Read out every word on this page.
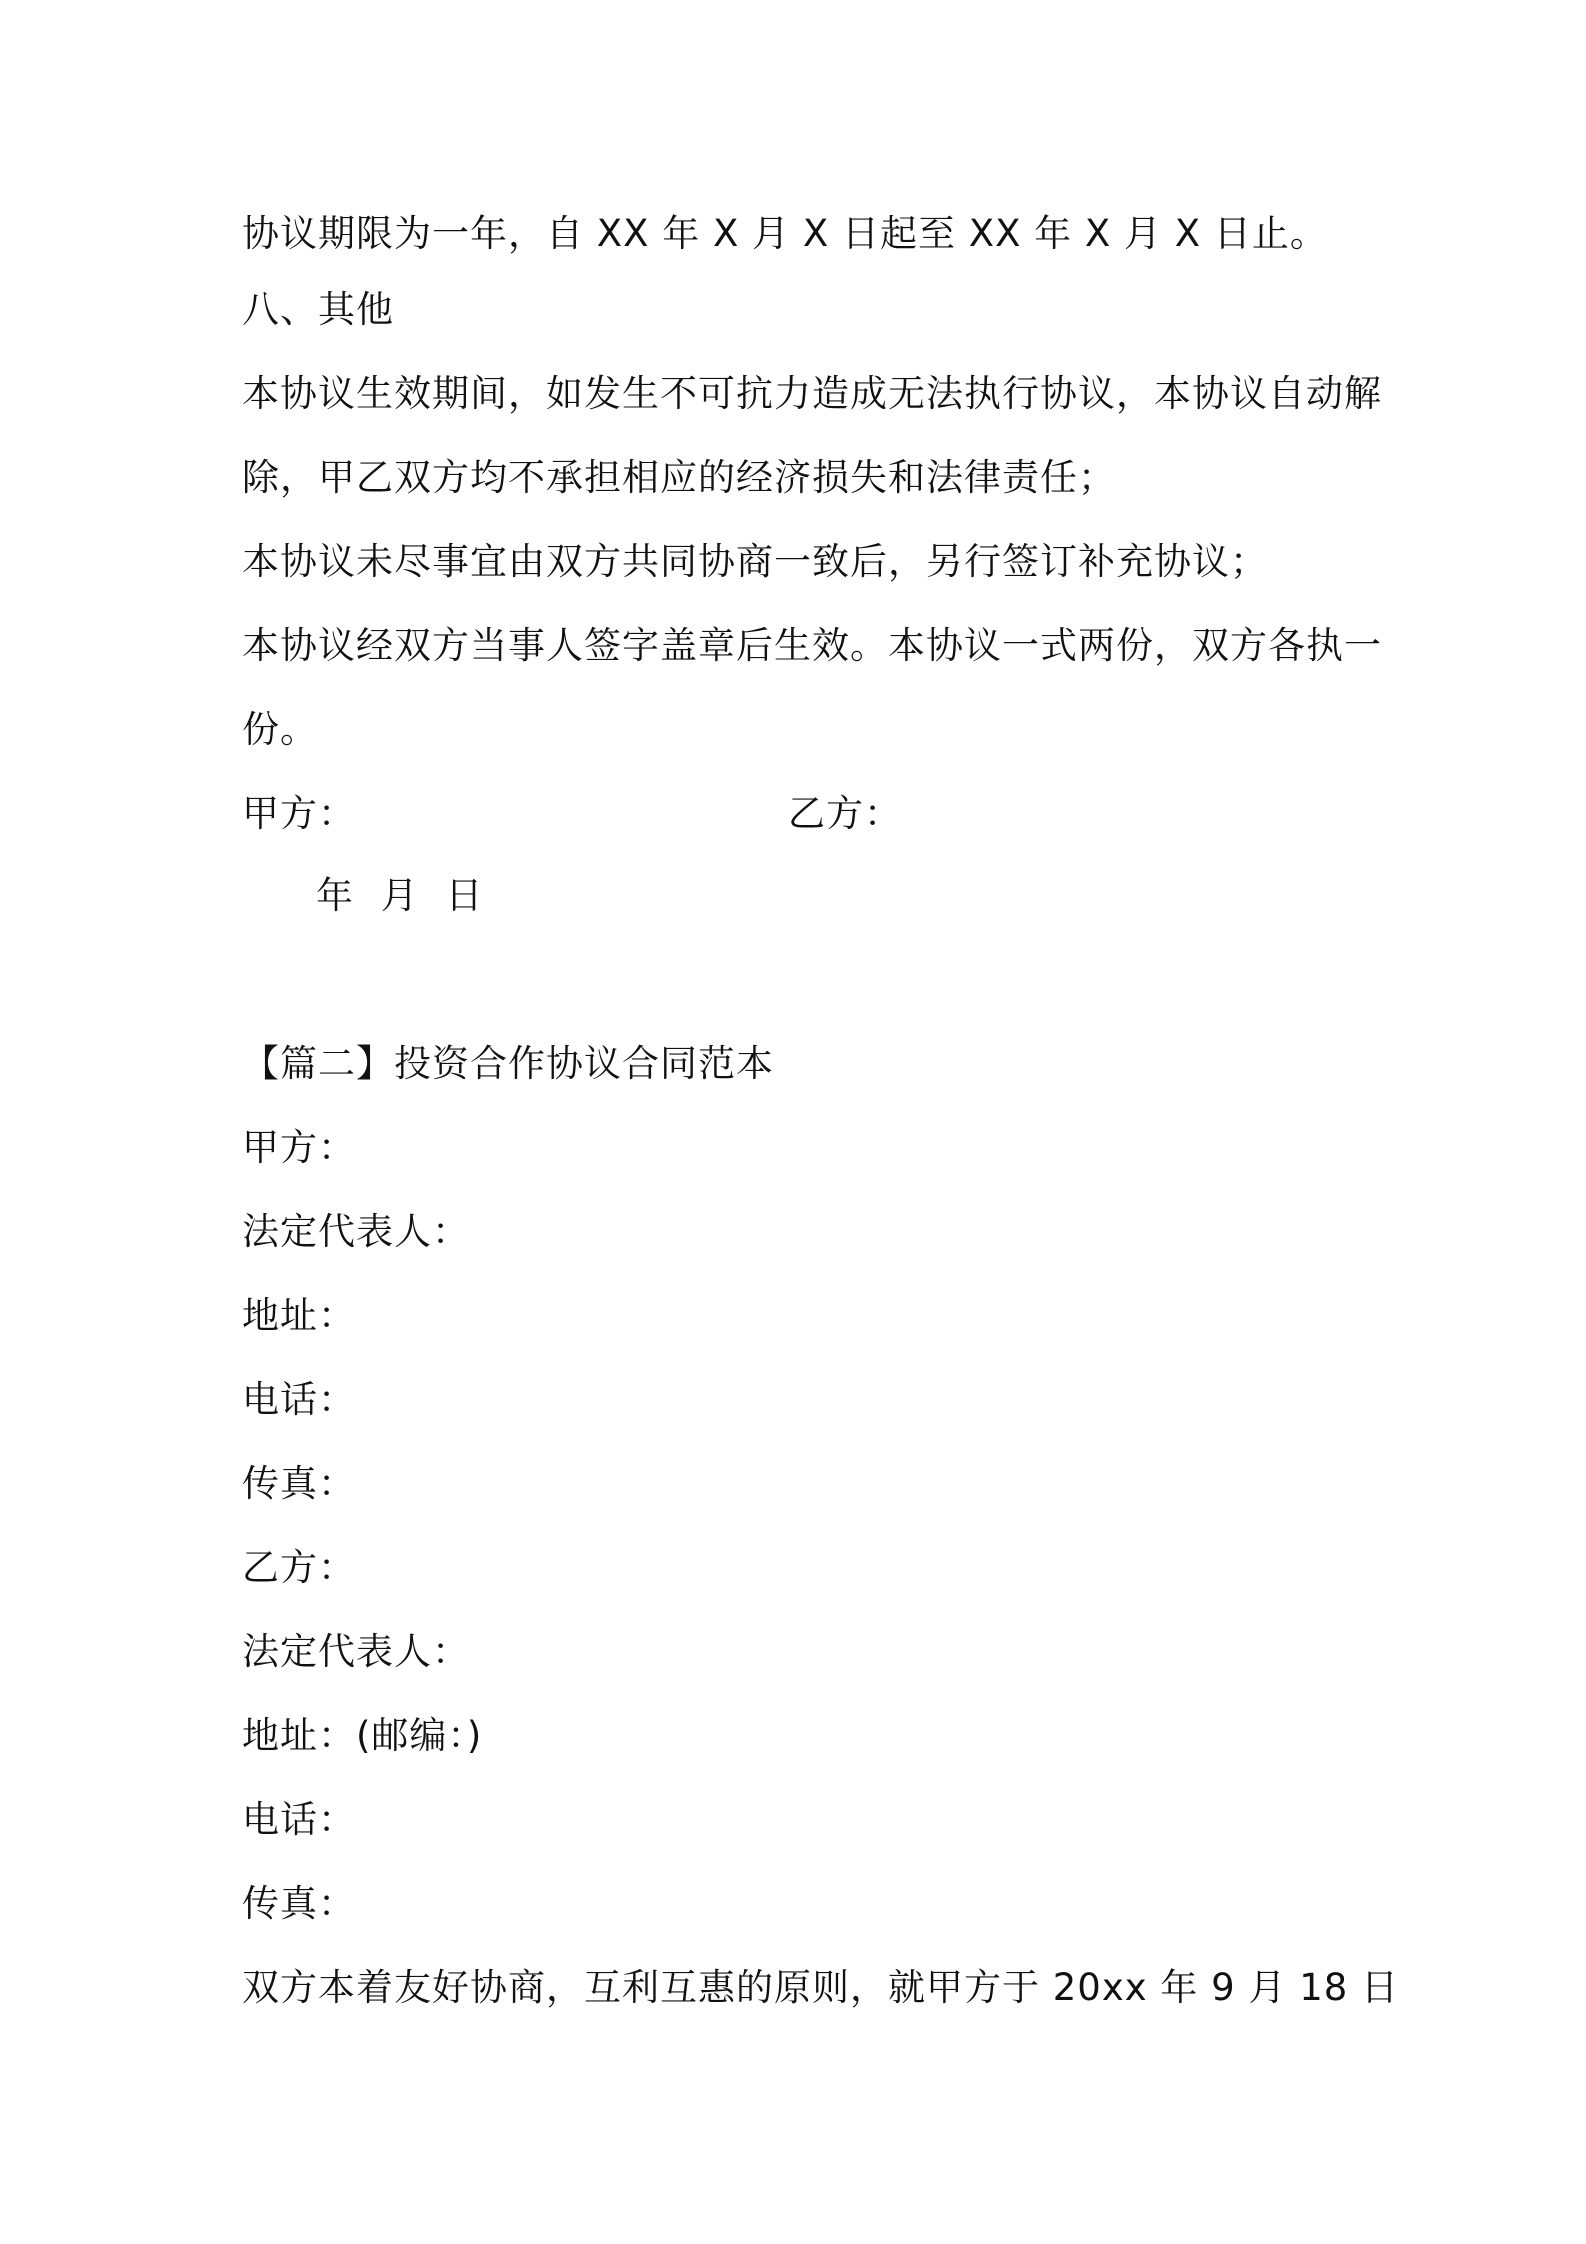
协议期限为一年，自 XX 年 X 月 X 日起至 XX 年 X 月 X 日止。
八、其他
本协议生效期间，如发生不可抗力造成无法执行协议，本协议自动解
除，甲乙双方均不承担相应的经济损失和法律责任；
本协议未尽事宜由双方共同协商一致后，另行签订补充协议；
本协议经双方当事人签字盖章后生效。本协议一式两份，双方各执一
份。
甲方：	乙方：
年 月 日
【篇二】投资合作协议合同范本
甲方：
法定代表人：
地址：
电话：
传真：
乙方：
法定代表人：
地址：(邮编：)
电话：
传真：
双方本着友好协商，互利互惠的原则，就甲方于 20xx 年 9 月 18 日
